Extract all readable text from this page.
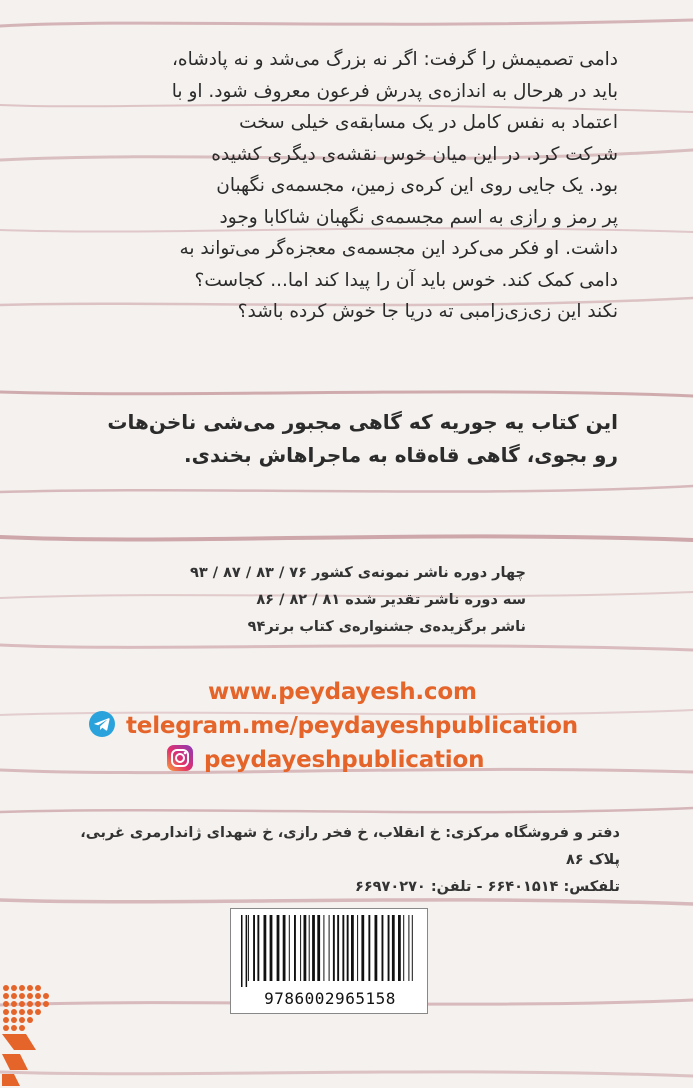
دامی تصمیمش را گرفت: اگر نه بزرگ می‌شد و نه پادشاه،

باید در هرحال به اندازه‌ی پدرش فرعون معروف شود. او با

اعتماد به نفس کامل در یک مسابقه‌ی خیلی سخت

شرکت کرد. در این میان خوس نقشه‌ی دیگری کشیده

بود. یک جایی روی این کره‌ی زمین، مجسمه‌ی نگهبان

پر رمز و رازی به اسم مجسمه‌ی نگهبان شاکابا وجود

داشت. او فکر می‌کرد این مجسمه‌ی معجزه‌گر می‌تواند به

دامی کمک کند. خوس باید آن را پیدا کند اما... کجاست؟

نکند این زی‌زی‌زامبی ته دریا جا خوش کرده باشد؟

این کتاب یه جوریه که گاهی مجبور می‌شی ناخن‌هات

رو بجوی، گاهی قاه‌قاه به ماجراهاش بخندی.

چهار دوره ناشر نمونه‌ی کشور ۷۶ / ۸۳ / ۸۷ / ۹۳

سه دوره ناشر تقدیر شده ۸۱ / ۸۲ / ۸۶

ناشر برگزیده‌ی جشنواره‌ی کتاب برتر۹۴

www.peydayesh.com
telegram.me/peydayeshpublication
peydayeshpublication

دفتر و فروشگاه مرکزی: خ انقلاب، خ فخر رازی، خ شهدای ژاندارمری غربی، پلاک ۸۶

تلفکس: ۶۶۴۰۱۵۱۴ - تلفن: ۶۶۹۷۰۲۷۰

9786002965158
